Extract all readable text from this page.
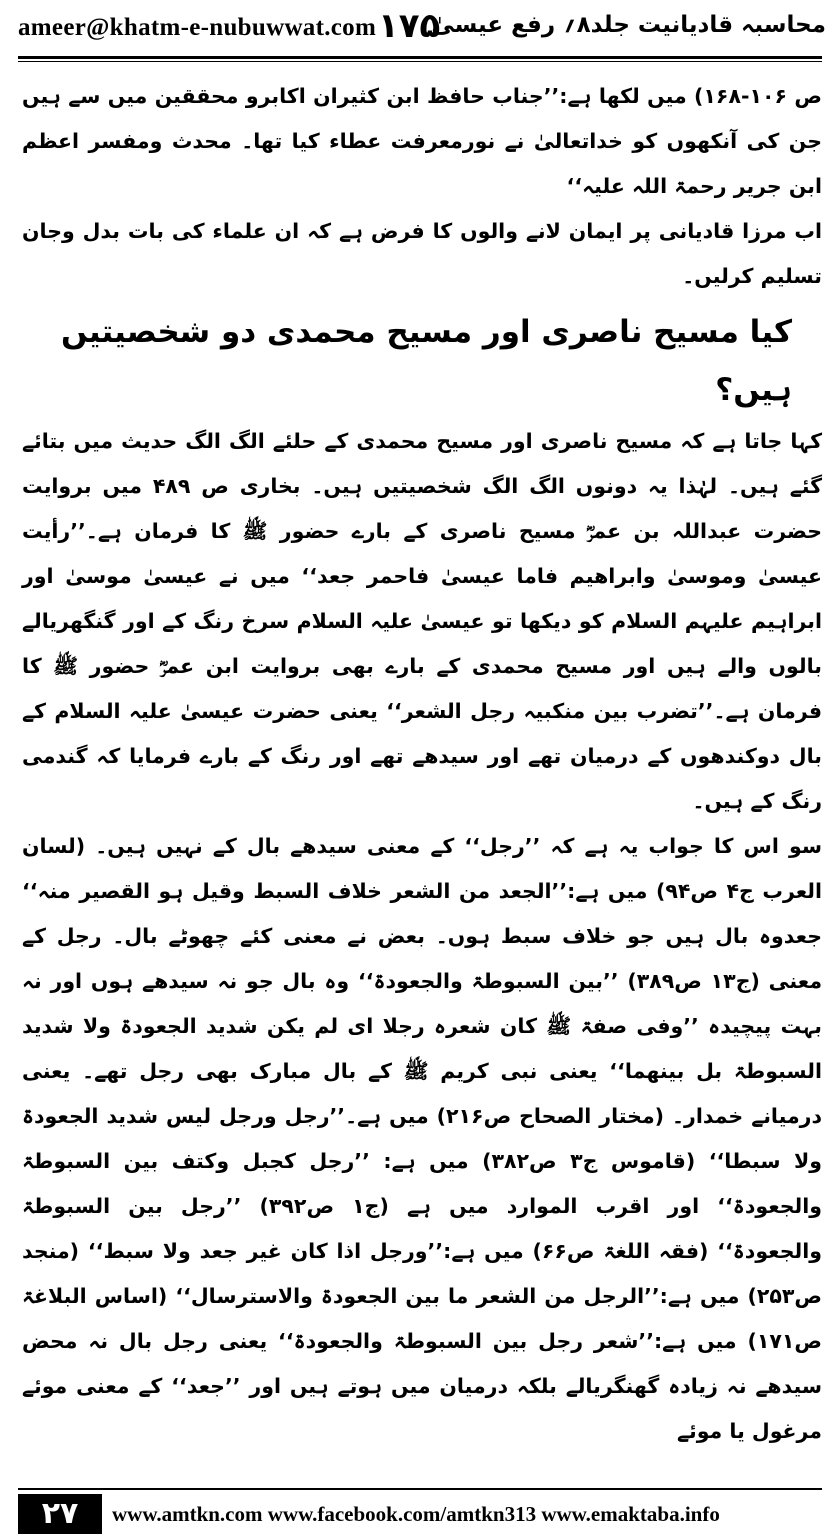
ameer@khatm-e-nubuwwat.com ۱۷۵
محاسبہ قادیانیت جلد۸؍ رفع عیسیٰ

ص ۱۰۶-۱۶۸) میں لکھا ہے:’’جناب حافظ ابن کثیران اکابرو محققین میں سے ہیں جن کی آنکھوں کو خداتعالیٰ نے نورمعرفت عطاء کیا تھا۔ محدث ومفسر اعظم ابن جریر رحمۃ اللہ علیہ‘‘

اب مرزا قادیانی پر ایمان لانے والوں کا فرض ہے کہ ان علماء کی بات بدل وجان تسلیم کرلیں۔

کیا مسیح ناصری اور مسیح محمدی دو شخصیتیں ہیں؟

کہا جاتا ہے کہ مسیح ناصری اور مسیح محمدی کے حلئے الگ الگ حدیث میں بتائے گئے ہیں۔ لہٰذا یہ دونوں الگ الگ شخصیتیں ہیں۔ بخاری ص ۴۸۹ میں بروایت حضرت عبداللہ بن عمرؓ مسیح ناصری کے بارے حضور ﷺ کا فرمان ہے۔’’رأیت عیسیٰ وموسیٰ وابراھیم فاما عیسیٰ فاحمر جعد‘‘ میں نے عیسیٰ موسیٰ اور ابراہیم علیہم السلام کو دیکھا تو عیسیٰ علیہ السلام سرخ رنگ کے اور گنگھریالے بالوں والے ہیں اور مسیح محمدی کے بارے بھی بروایت ابن عمرؓ حضور ﷺ کا فرمان ہے۔’’تضرب بین منکبیہ رجل الشعر‘‘ یعنی حضرت عیسیٰ علیہ السلام کے بال دوکندھوں کے درمیان تھے اور سیدھے تھے اور رنگ کے بارے فرمایا کہ گندمی رنگ کے ہیں۔

سو اس کا جواب یہ ہے کہ ’’رجل‘‘ کے معنی سیدھے بال کے نہیں ہیں۔ (لسان العرب ج۴ ص۹۴) میں ہے:’’الجعد من الشعر خلاف السبط وقیل ہو القصیر منہ‘‘ جعدوہ بال ہیں جو خلاف سبط ہوں۔ بعض نے معنی کئے چھوٹے بال۔ رجل کے معنی (ج۱۳ ص۳۸۹) ’’بین السبوطۃ والجعودۃ‘‘ وہ بال جو نہ سیدھے ہوں اور نہ بہت پیچیدہ ’’وفی صفۃ ﷺ کان شعرہ رجلا ای لم یکن شدید الجعودۃ ولا شدید السبوطۃ بل بینھما‘‘ یعنی نبی کریم ﷺ کے بال مبارک بھی رجل تھے۔ یعنی درمیانے خمدار۔ (مختار الصحاح ص۲۱۶) میں ہے۔’’رجل ورجل لیس شدید الجعودۃ ولا سبطا‘‘ (قاموس ج۳ ص۳۸۲) میں ہے: ’’رجل کجبل وکتف بین السبوطۃ والجعودۃ‘‘ اور اقرب الموارد میں ہے (ج۱ ص۳۹۲) ’’رجل بین السبوطۃ والجعودۃ‘‘ (فقہ اللغۃ ص۶۶) میں ہے:’’ورجل اذا کان غیر جعد ولا سبط‘‘ (منجد ص۲۵۳) میں ہے:’’الرجل من الشعر ما بین الجعودۃ والاسترسال‘‘ (اساس البلاغۃ ص۱۷۱) میں ہے:’’شعر رجل بین السبوطۃ والجعودۃ‘‘ یعنی رجل بال نہ محض سیدھے نہ زیادہ گھنگریالے بلکہ درمیان میں ہوتے ہیں اور ’’جعد‘‘ کے معنی موئے مرغول یا موئے

۲۷	www.amtkn.com www.facebook.com/amtkn313 www.emaktaba.info
